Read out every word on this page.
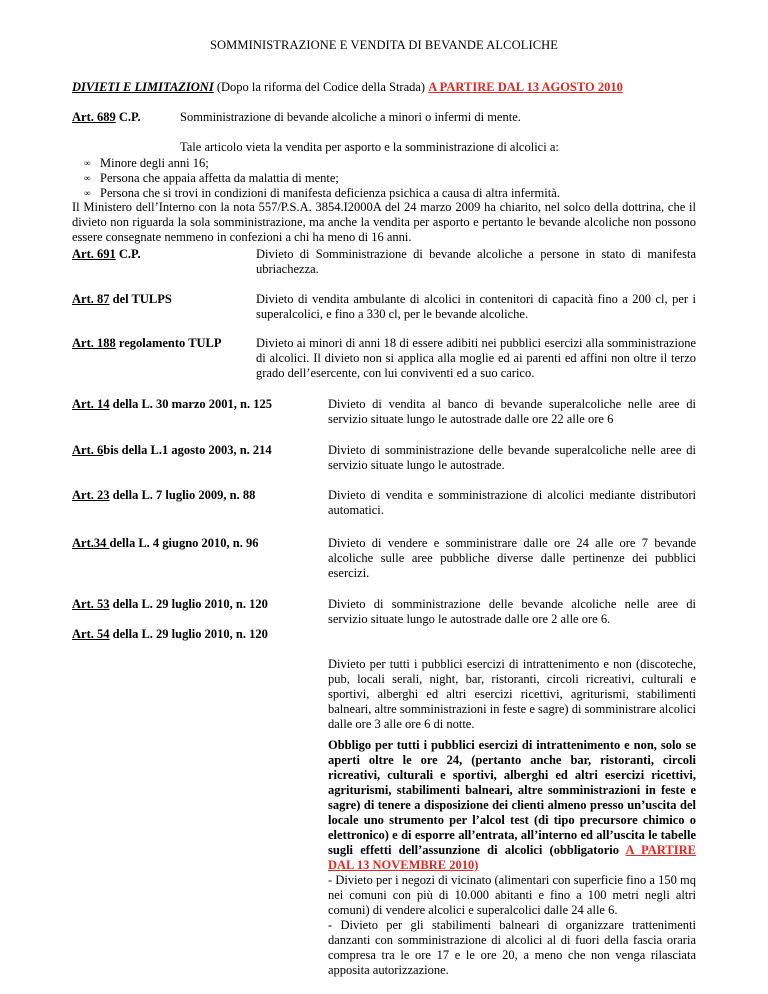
SOMMINISTRAZIONE E VENDITA DI BEVANDE ALCOLICHE
DIVIETI E LIMITAZIONI (Dopo la riforma del Codice della Strada) A PARTIRE DAL 13 AGOSTO 2010
Art. 689 C.P.	Somministrazione di bevande alcoliche a minori o infermi di mente.
Tale articolo vieta la vendita per asporto e la somministrazione di alcolici a:
∞ Minore degli anni 16;
∞ Persona che appaia affetta da malattia di mente;
∞ Persona che si trovi in condizioni di manifesta deficienza psichica a causa di altra infermità.
Il Ministero dell’Interno con la nota 557/P.S.A. 3854.I2000A del 24 marzo 2009 ha chiarito, nel solco della dottrina, che il divieto non riguarda la sola somministrazione, ma anche la vendita per asporto e pertanto le bevande alcoliche non possono essere consegnate nemmeno in confezioni a chi ha meno di 16 anni.
Art. 691 C.P.	Divieto di Somministrazione di bevande alcoliche a persone in stato di manifesta ubriachezza.
Art. 87 del TULPS	Divieto di vendita ambulante di alcolici in contenitori di capacità fino a 200 cl, per i superalcolici, e fino a 330 cl, per le bevande alcoliche.
Art. 188 regolamento TULP	Divieto ai minori di anni 18 di essere adibiti nei pubblici esercizi alla somministrazione di alcolici. Il divieto non si applica alla moglie ed ai parenti ed affini non oltre il terzo grado dell’esercente, con lui conviventi ed a suo carico.
Art. 14 della L. 30 marzo 2001, n. 125	Divieto di vendita al banco di bevande superalcoliche nelle aree di servizio situate lungo le autostrade dalle ore 22 alle ore 6
Art. 6bis della L.1 agosto 2003, n. 214	Divieto di somministrazione delle bevande superalcoliche nelle aree di servizio situate lungo le autostrade.
Art. 23 della L. 7 luglio 2009, n. 88	Divieto di vendita e somministrazione di alcolici mediante distributori automatici.
Art.34 della L. 4 giugno 2010, n. 96	Divieto di vendere e somministrare dalle ore 24 alle ore 7 bevande alcoliche sulle aree pubbliche diverse dalle pertinenze dei pubblici esercizi.
Art. 53 della L. 29 luglio 2010, n. 120	Divieto di somministrazione delle bevande alcoliche nelle aree di servizio situate lungo le autostrade dalle ore 2 alle ore 6.
Art. 54 della L. 29 luglio 2010, n. 120
Divieto per tutti i pubblici esercizi di intrattenimento e non (discoteche, pub, locali serali, night, bar, ristoranti, circoli ricreativi, culturali e sportivi, alberghi ed altri esercizi ricettivi, agriturismi, stabilimenti balneari, altre somministrazioni in feste e sagre) di somministrare alcolici dalle ore 3 alle ore 6 di notte.
Obbligo per tutti i pubblici esercizi di intrattenimento e non, solo se aperti oltre le ore 24, (pertanto anche bar, ristoranti, circoli ricreativi, culturali e sportivi, alberghi ed altri esercizi ricettivi, agriturismi, stabilimenti balneari, altre somministrazioni in feste e sagre) di tenere a disposizione dei clienti almeno presso un’uscita del locale uno strumento per l’alcol test (di tipo precursore chimico o elettronico) e di esporre all’entrata, all’interno ed all’uscita le tabelle sugli effetti dell’assunzione di alcolici (obbligatorio A PARTIRE DAL 13 NOVEMBRE 2010)
- Divieto per i negozi di vicinato (alimentari con superficie fino a 150 mq nei comuni con più di 10.000 abitanti e fino a 100 metri negli altri comuni) di vendere alcolici e superalcolici dalle 24 alle 6.
- Divieto per gli stabilimenti balneari di organizzare trattenimenti danzanti con somministrazione di alcolici al di fuori della fascia oraria compresa tra le ore 17 e le ore 20, a meno che non venga rilasciata apposita autorizzazione.
